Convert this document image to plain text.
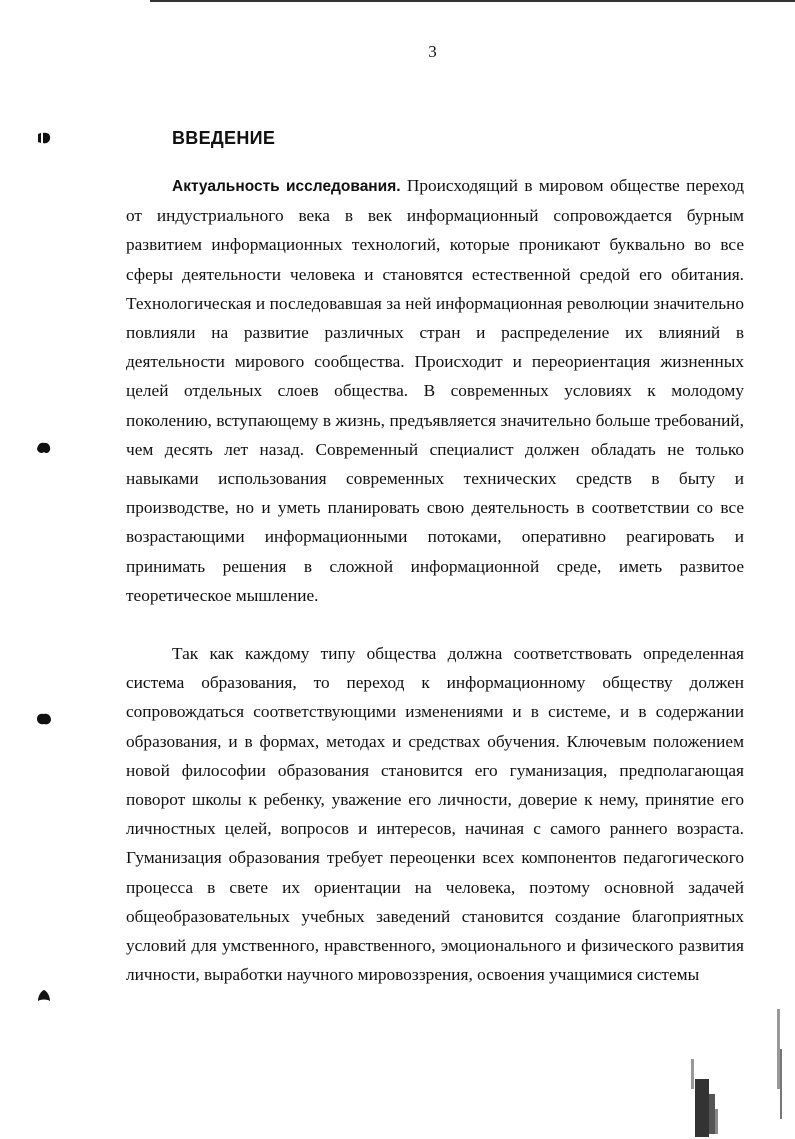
3
ВВЕДЕНИЕ

Актуальность исследования. Происходящий в мировом обществе переход от индустриального века в век информационный сопровождается бурным развитием информационных технологий, которые проникают буквально во все сферы деятельности человека и становятся естественной средой его обитания. Технологическая и последовавшая за ней информационная революции значительно повлияли на развитие различных стран и распределение их влияний в деятельности мирового сообщества. Происходит и переориентация жизненных целей отдельных слоев общества. В современных условиях к молодому поколению, вступающему в жизнь, предъявляется значительно больше требований, чем десять лет назад. Современный специалист должен обладать не только навыками использования современных технических средств в быту и производстве, но и уметь планировать свою деятельность в соответствии со все возрастающими информационными потоками, оперативно реагировать и принимать решения в сложной информационной среде, иметь развитое теоретическое мышление.

Так как каждому типу общества должна соответствовать определенная система образования, то переход к информационному обществу должен сопровождаться соответствующими изменениями и в системе, и в содержании образования, и в формах, методах и средствах обучения. Ключевым положением новой философии образования становится его гуманизация, предполагающая поворот школы к ребенку, уважение его личности, доверие к нему, принятие его личностных целей, вопросов и интересов, начиная с самого раннего возраста. Гуманизация образования требует переоценки всех компонентов педагогического процесса в свете их ориентации на человека, поэтому основной задачей общеобразовательных учебных заведений становится создание благоприятных условий для умственного, нравственного, эмоционального и физического развития личности, выработки научного мировоззрения, освоения учащимися системы
